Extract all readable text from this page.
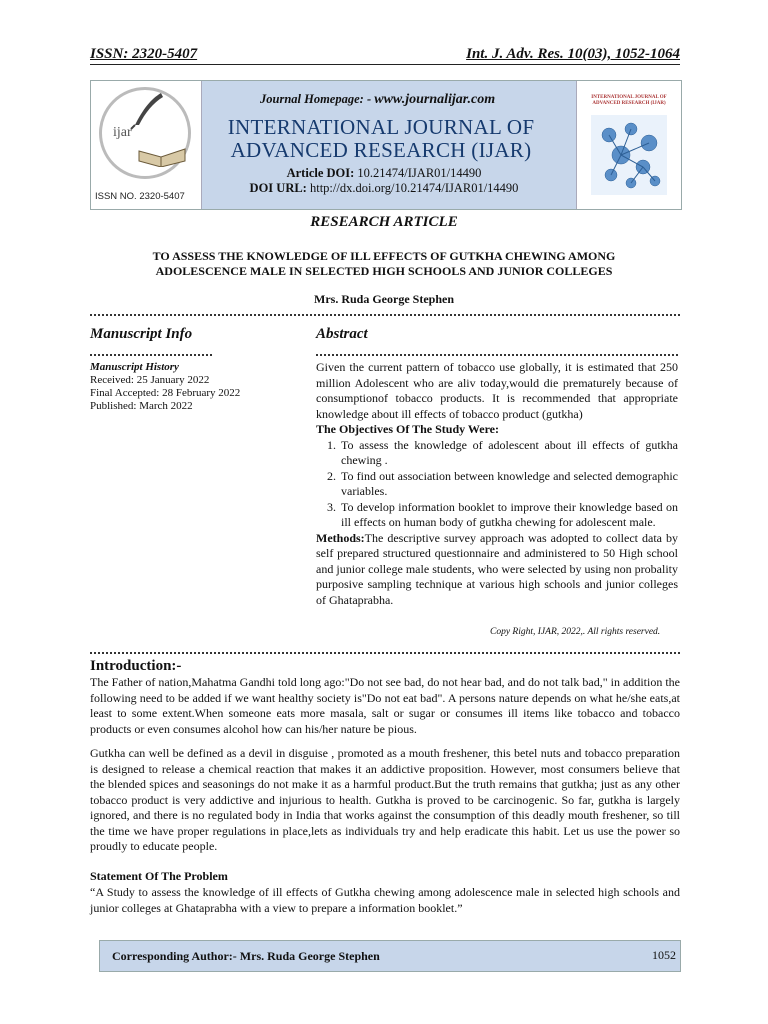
ISSN: 2320-5407	Int. J. Adv. Res. 10(03), 1052-1064
ijar
ISSN NO. 2320-5407
INTERNATIONAL JOURNAL OF ADVANCED RESEARCH (IJAR)
Journal Homepage: - www.journalijar.com
INTERNATIONAL JOURNAL OF ADVANCED RESEARCH (IJAR)
Article DOI: 10.21474/IJAR01/14490
DOI URL: http://dx.doi.org/10.21474/IJAR01/14490
RESEARCH ARTICLE
TO ASSESS THE KNOWLEDGE OF ILL EFFECTS OF GUTKHA CHEWING AMONG ADOLESCENCE MALE IN SELECTED HIGH SCHOOLS AND JUNIOR COLLEGES
Mrs. Ruda George Stephen
Manuscript Info
Manuscript History
Received: 25 January 2022
Final Accepted: 28 February 2022
Published: March 2022
Abstract

Given the current pattern of tobacco use globally, it is estimated that 250 million Adolescent who are aliv today,would die prematurely because of consumptionof tobacco products. It is recommended that appropriate knowledge about ill effects of tobacco product (gutkha)

The Objectives Of The Study Were:

1. To assess the knowledge of adolescent about ill effects of gutkha chewing .
2. To find out association between knowledge and selected demographic variables.
3. To develop information booklet to improve their knowledge based on ill effects on human body of gutkha chewing for adolescent male.

Methods:The descriptive survey approach was adopted to collect data by self prepared structured questionnaire and administered to 50 High school and junior college male students, who were selected by using non probality purposive sampling technique at various high schools and junior colleges of Ghataprabha.

Copy Right, IJAR, 2022,. All rights reserved.
Introduction:-

The Father of nation,Mahatma Gandhi told long ago:"Do not see bad, do not hear bad, and do not talk bad," in addition the following need to be added if we want healthy society is"Do not eat bad". A persons nature depends on what he/she eats,at least to some extent.When someone eats more masala, salt or sugar or consumes ill items like tobacco and tobacco products or even consumes alcohol how can his/her nature be pious.

Gutkha can well be defined as a devil in disguise , promoted as a mouth freshener, this betel nuts and tobacco preparation is designed to release a chemical reaction that makes it an addictive proposition. However, most consumers believe that the blended spices and seasonings do not make it as a harmful product.But the truth remains that gutkha; just as any other tobacco product is very addictive and injurious to health. Gutkha is proved to be carcinogenic. So far, gutkha is largely ignored, and there is no regulated body in India that works against the consumption of this deadly mouth freshener, so till the time we have proper regulations in place,lets as individuals try and help eradicate this habit. Let us use the power so proudly to educate people.

Statement Of The Problem
“A Study to assess the knowledge of ill effects of Gutkha chewing among adolescence male in selected high schools and junior colleges at Ghataprabha with a view to prepare a information booklet.”
Corresponding Author:- Mrs. Ruda George Stephen	1052
